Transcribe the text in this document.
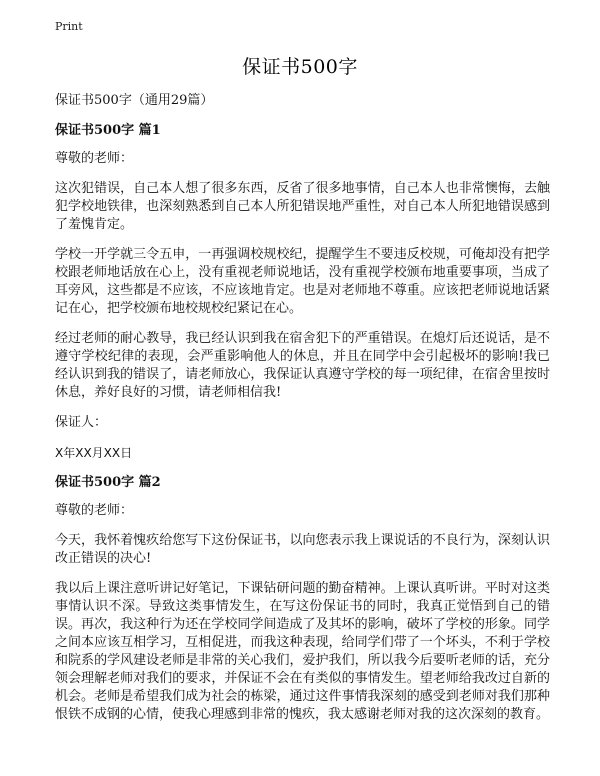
Print
保证书500字

保证书500字（通用29篇）

保证书500字 篇1

尊敬的老师：

这次犯错误，自己本人想了很多东西，反省了很多地事情，自己本人也非常懊悔，去触犯学校地铁律，也深刻熟悉到自己本人所犯错误地严重性，对自己本人所犯地错误感到了羞愧肯定。

学校一开学就三令五申，一再强调校规校纪，提醒学生不要违反校规，可俺却没有把学校跟老师地话放在心上，没有重视老师说地话，没有重视学校颁布地重要事项，当成了耳旁风，这些都是不应该，不应该地肯定。也是对老师地不尊重。应该把老师说地话紧记在心，把学校颁布地校规校纪紧记在心。

经过老师的耐心教导，我已经认识到我在宿舍犯下的严重错误。在熄灯后还说话，是不遵守学校纪律的表现，会严重影响他人的休息，并且在同学中会引起极坏的影响!我已经认识到我的错误了，请老师放心，我保证认真遵守学校的每一项纪律，在宿舍里按时休息，养好良好的习惯，请老师相信我!

保证人：

X年XX月XX日

保证书500字 篇2

尊敬的老师：

今天，我怀着愧疚给您写下这份保证书，以向您表示我上课说话的不良行为，深刻认识改正错误的决心!

我以后上课注意听讲记好笔记，下课钻研问题的勤奋精神。上课认真听讲。平时对这类事情认识不深。导致这类事情发生，在写这份保证书的同时，我真正觉悟到自己的错误。再次，我这种行为还在学校同学间造成了及其坏的影响，破坏了学校的形象。同学之间本应该互相学习，互相促进，而我这种表现，给同学们带了一个坏头，不利于学校和院系的学风建设老师是非常的关心我们，爱护我们，所以我今后要听老师的话，充分领会理解老师对我们的要求，并保证不会在有类似的事情发生。望老师给我改过自新的机会。老师是希望我们成为社会的栋梁，通过这件事情我深刻的感受到老师对我们那种恨铁不成钢的心情，使我心理感到非常的愧疚，我太感谢老师对我的这次深刻的教育。
